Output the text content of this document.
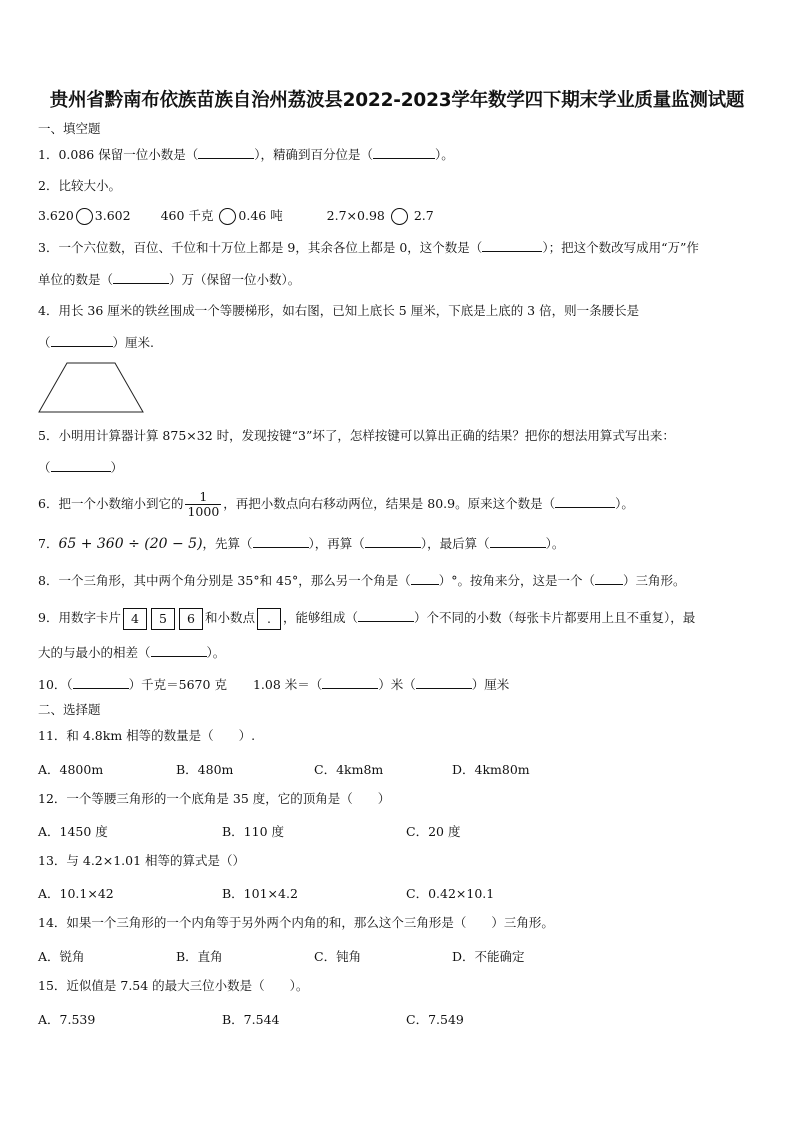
贵州省黔南布依族苗族自治州荔波县2022-2023学年数学四下期末学业质量监测试题
一、填空题
1．0.086 保留一位小数是（	），精确到百分位是（	）。
2．比较大小。
3.620 3.602 460 千克 0.46 吨	2.7×0.98 2.7
3．一个六位数，百位、千位和十万位上都是 9，其余各位上都是 0，这个数是（	）；把这个数改写成用“万”作
单位的数是（	）万（保留一位小数）。
4．用长 36 厘米的铁丝围成一个等腰梯形，如右图，已知上底长 5 厘米，下底是上底的 3 倍，则一条腰长是
（	）厘米.
5．小明用计算器计算 875×32 时，发现按键“3”坏了，怎样按键可以算出正确的结果？把你的想法用算式写出来：
（	）
6．把一个小数缩小到它的 $\frac{1}{1000}$ ，再把小数点向右移动两位，结果是 80.9。原来这个数是（	）。
7．65 + 360 ÷ (20 − 5)，先算（	），再算（	），最后算（	）。
8．一个三角形，其中两个角分别是 35°和 45°，那么另一个角是（ ）°。按角来分，这是一个（ ）三角形。
9．用数字卡片 4 5 6 和小数点 . ，能够组成（	）个不同的小数（每张卡片都要用上且不重复），最
大的与最小的相差（	）。
10．（	）千克＝5670 克 1.08 米＝（	）米（	）厘米
二、选择题
11．和 4.8km 相等的数量是（　　）.
A．4800m	B．480m	C．4km8m	D．4km80m
12．一个等腰三角形的一个底角是 35 度，它的顶角是（　　）
A．1450 度	B．110 度	C．20 度
13．与 4.2×1.01 相等的算式是（）
A．10.1×42	B．101×4.2	C．0.42×10.1
14．如果一个三角形的一个内角等于另外两个内角的和，那么这个三角形是（　　）三角形。
A．锐角	B．直角	C．钝角	D．不能确定
15．近似值是 7.54 的最大三位小数是（　　）。
A．7.539	B．7.544	C．7.549
